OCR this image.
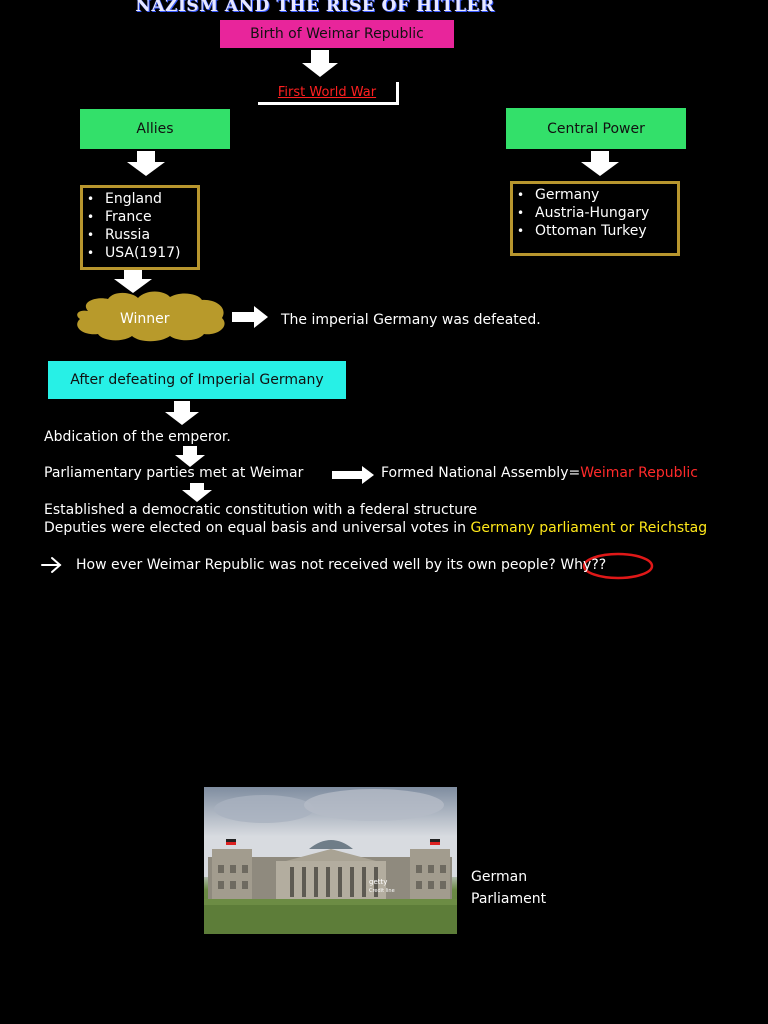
NAZISM AND THE RISE OF HITLER
Birth of Weimar Republic
First World War
Allies
• England
• France
• Russia
• USA(1917)
Central Power
• Germany
• Austria-Hungary
• Ottoman Turkey
Winner	The imperial Germany was defeated.
After defeating of Imperial Germany
Abdication of the emperor.
Parliamentary parties met at Weimar	Formed National Assembly=Weimar Republic
Established a democratic constitution with a federal structure
Deputies were elected on equal basis and universal votes in Germany parliament or Reichstag
How ever Weimar Republic was not received well by its own people? Why??
getty
Credit line
German
Parliament
